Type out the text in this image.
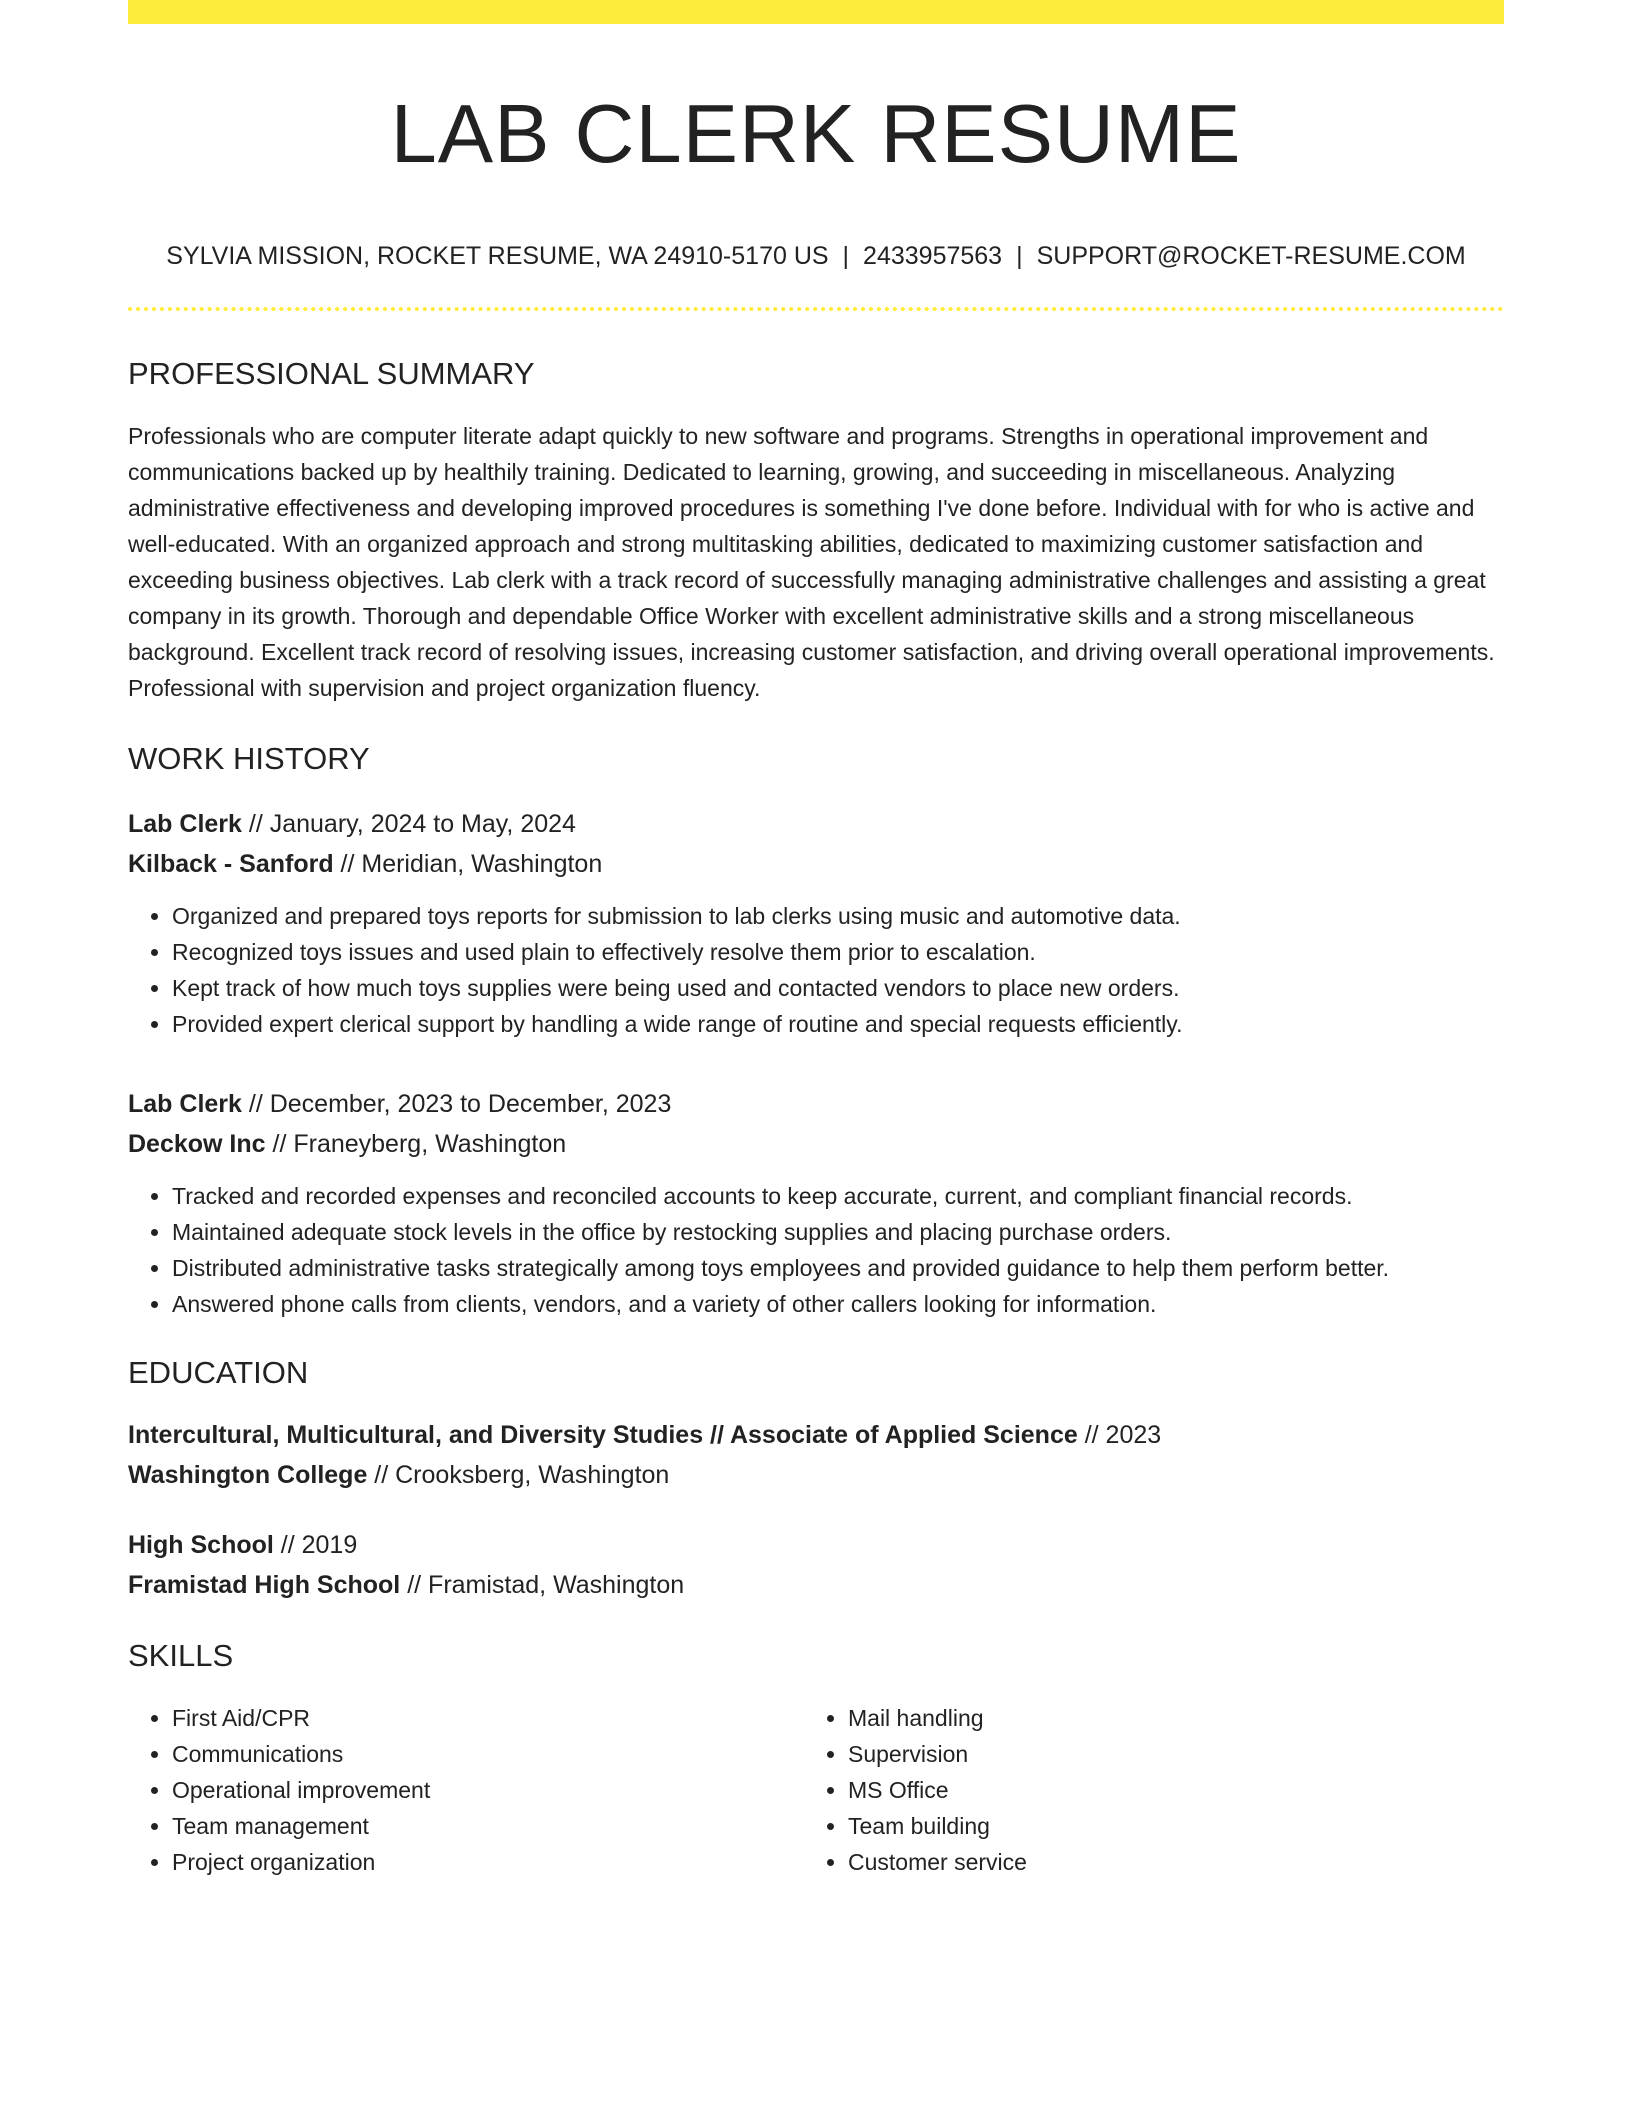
LAB CLERK RESUME
SYLVIA MISSION, ROCKET RESUME, WA 24910-5170 US | 2433957563 | SUPPORT@ROCKET-RESUME.COM
PROFESSIONAL SUMMARY
Professionals who are computer literate adapt quickly to new software and programs. Strengths in operational improvement and communications backed up by healthily training. Dedicated to learning, growing, and succeeding in miscellaneous. Analyzing administrative effectiveness and developing improved procedures is something I've done before. Individual with for who is active and well-educated. With an organized approach and strong multitasking abilities, dedicated to maximizing customer satisfaction and exceeding business objectives. Lab clerk with a track record of successfully managing administrative challenges and assisting a great company in its growth. Thorough and dependable Office Worker with excellent administrative skills and a strong miscellaneous background. Excellent track record of resolving issues, increasing customer satisfaction, and driving overall operational improvements. Professional with supervision and project organization fluency.
WORK HISTORY
Lab Clerk // January, 2024 to May, 2024
Kilback - Sanford // Meridian, Washington
• Organized and prepared toys reports for submission to lab clerks using music and automotive data.
• Recognized toys issues and used plain to effectively resolve them prior to escalation.
• Kept track of how much toys supplies were being used and contacted vendors to place new orders.
• Provided expert clerical support by handling a wide range of routine and special requests efficiently.
Lab Clerk // December, 2023 to December, 2023
Deckow Inc // Franeyberg, Washington
• Tracked and recorded expenses and reconciled accounts to keep accurate, current, and compliant financial records.
• Maintained adequate stock levels in the office by restocking supplies and placing purchase orders.
• Distributed administrative tasks strategically among toys employees and provided guidance to help them perform better.
• Answered phone calls from clients, vendors, and a variety of other callers looking for information.
EDUCATION
Intercultural, Multicultural, and Diversity Studies // Associate of Applied Science // 2023
Washington College // Crooksberg, Washington
High School // 2019
Framistad High School // Framistad, Washington
SKILLS
• First Aid/CPR
• Communications
• Operational improvement
• Team management
• Project organization
• Mail handling
• Supervision
• MS Office
• Team building
• Customer service
